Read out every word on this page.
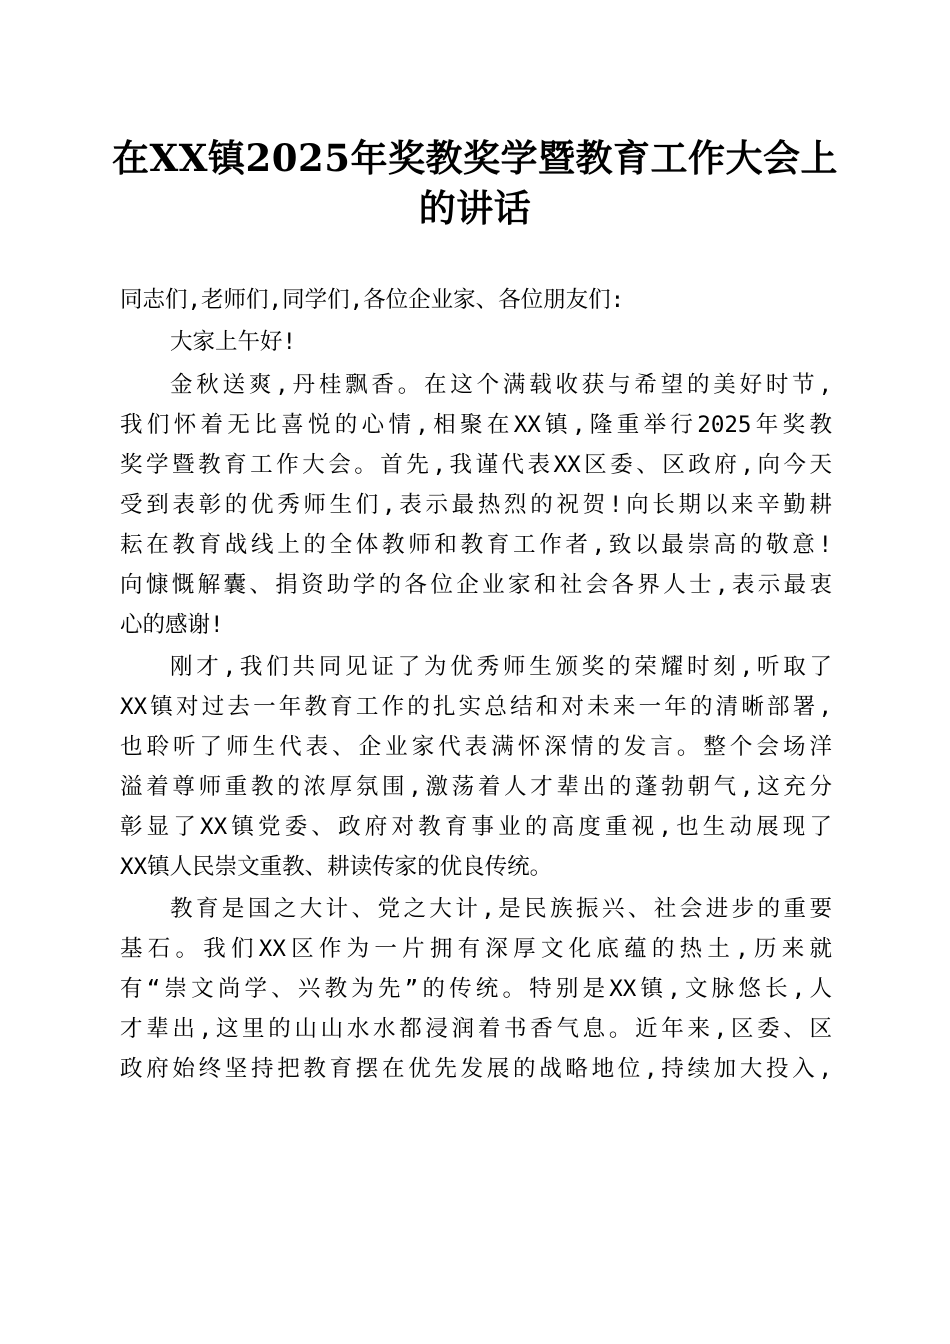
在XX镇2025年奖教奖学暨教育工作大会上
的讲话
同志们,老师们,同学们,各位企业家、各位朋友们:
大家上午好!
金秋送爽,丹桂飘香。在这个满载收获与希望的美好时节,
我们怀着无比喜悦的心情,相聚在XX镇,隆重举行2025年奖教
奖学暨教育工作大会。首先,我谨代表XX区委、区政府,向今天
受到表彰的优秀师生们,表示最热烈的祝贺!向长期以来辛勤耕
耘在教育战线上的全体教师和教育工作者,致以最崇高的敬意!
向慷慨解囊、捐资助学的各位企业家和社会各界人士,表示最衷
心的感谢!
刚才,我们共同见证了为优秀师生颁奖的荣耀时刻,听取了
XX镇对过去一年教育工作的扎实总结和对未来一年的清晰部署,
也聆听了师生代表、企业家代表满怀深情的发言。整个会场洋
溢着尊师重教的浓厚氛围,激荡着人才辈出的蓬勃朝气,这充分
彰显了XX镇党委、政府对教育事业的高度重视,也生动展现了
XX镇人民崇文重教、耕读传家的优良传统。
教育是国之大计、党之大计,是民族振兴、社会进步的重要
基石。我们XX区作为一片拥有深厚文化底蕴的热土,历来就
有“崇文尚学、兴教为先”的传统。特别是XX镇,文脉悠长,人
才辈出,这里的山山水水都浸润着书香气息。近年来,区委、区
政府始终坚持把教育摆在优先发展的战略地位,持续加大投入,
